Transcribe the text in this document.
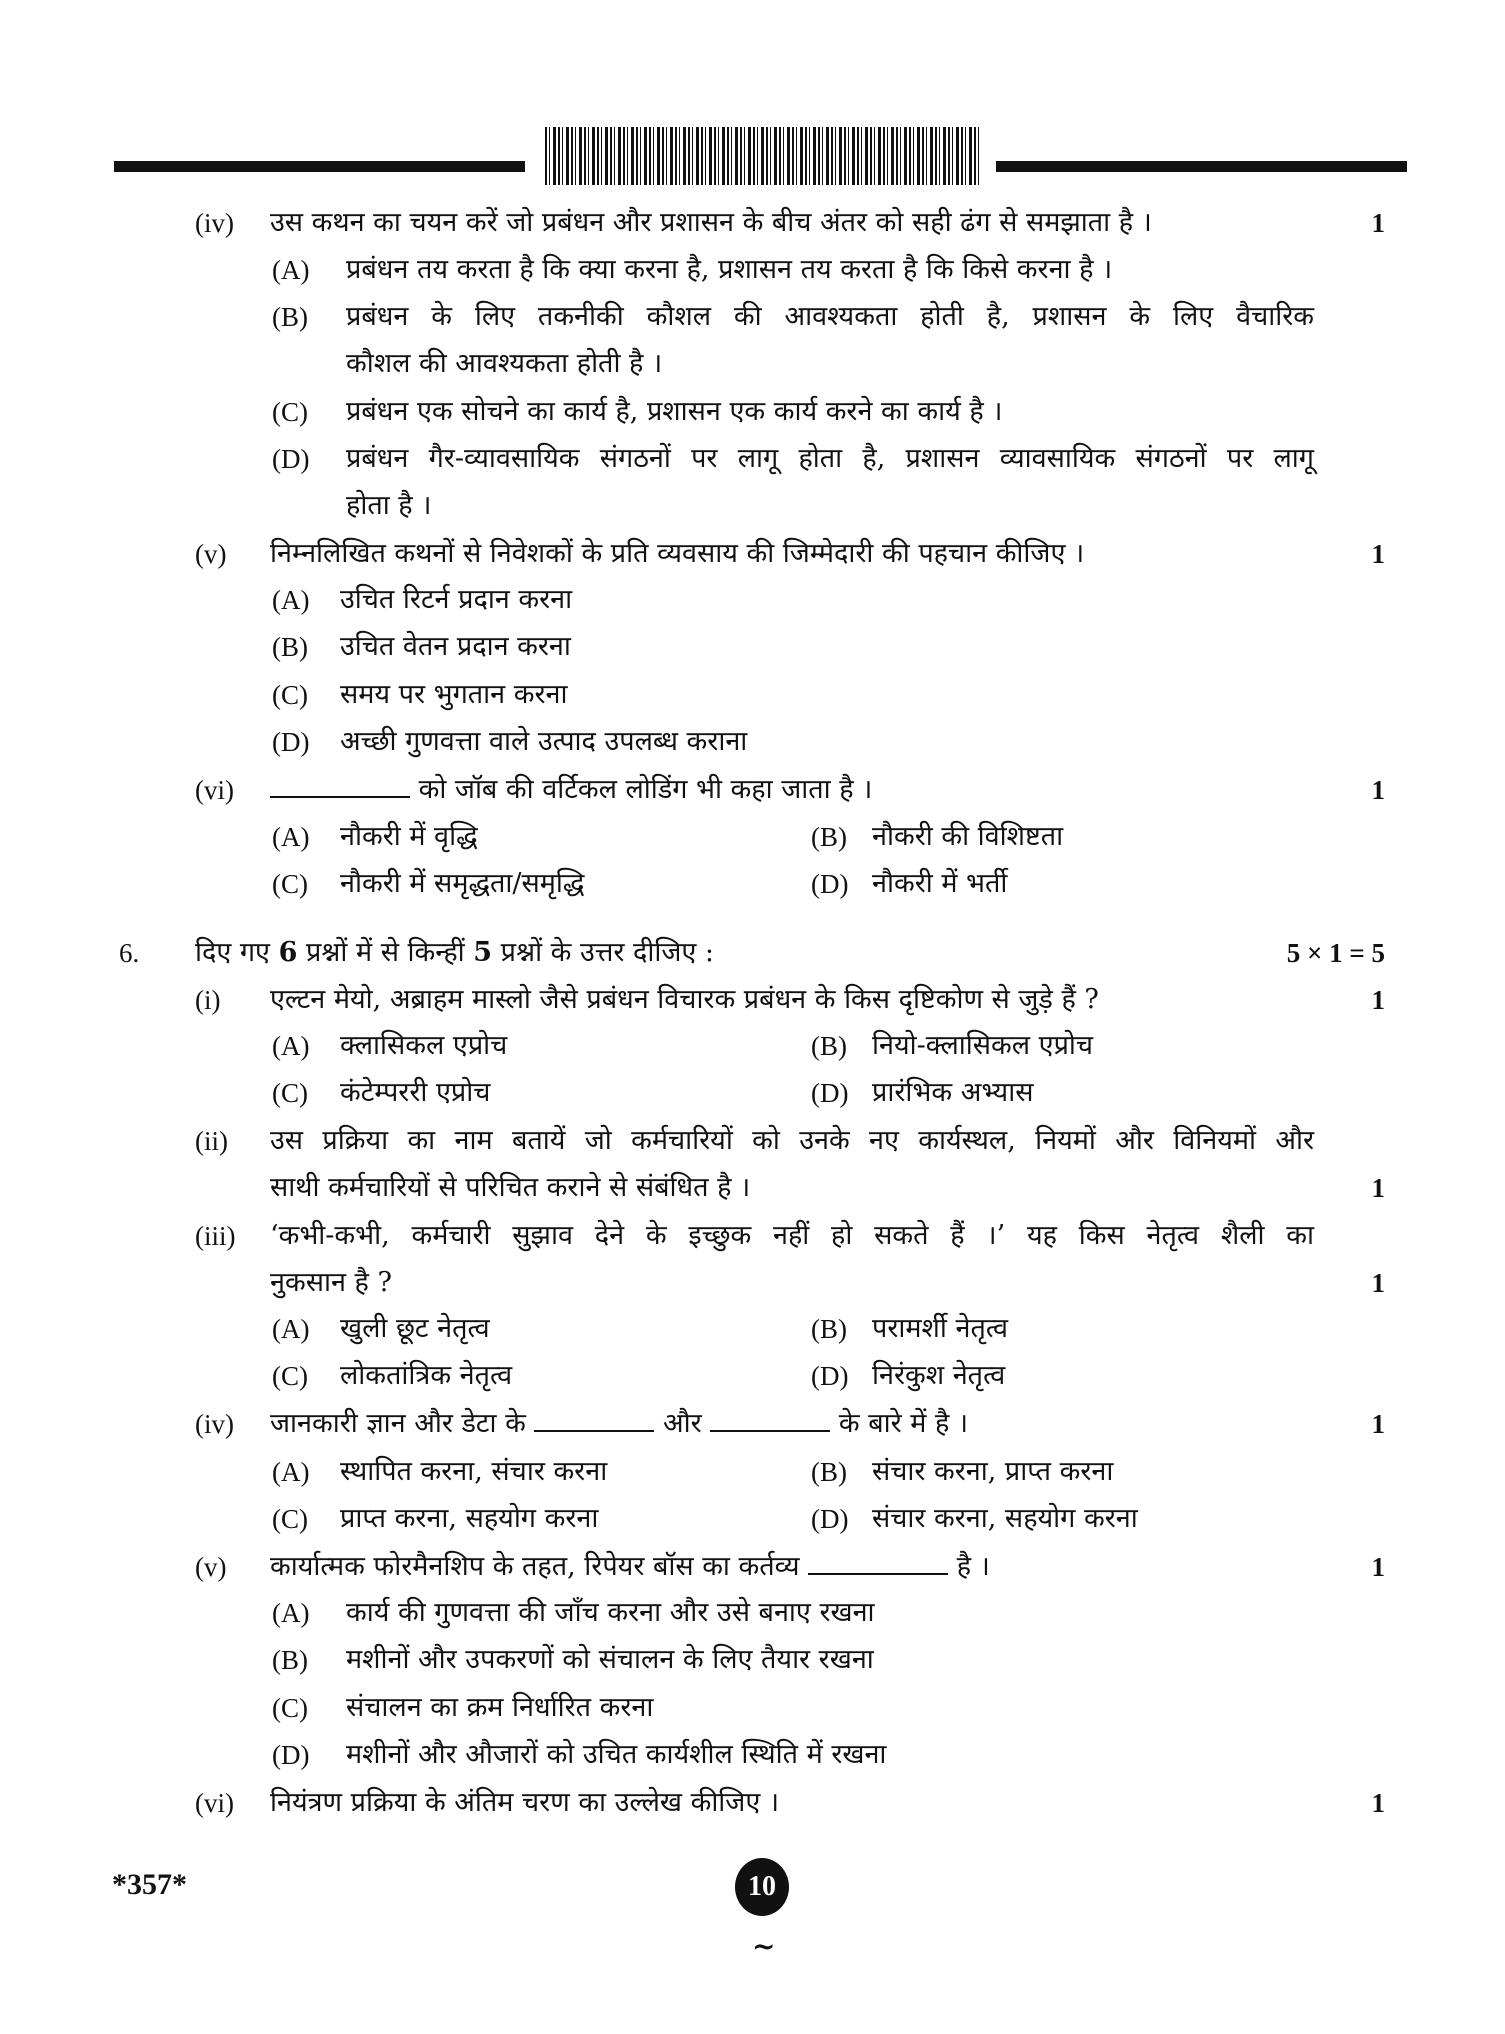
(iv) उस कथन का चयन करें जो प्रबंधन और प्रशासन के बीच अंतर को सही ढंग से समझाता है ।	1
(A) प्रबंधन तय करता है कि क्या करना है, प्रशासन तय करता है कि किसे करना है ।
(B) प्रबंधन के लिए तकनीकी कौशल की आवश्यकता होती है, प्रशासन के लिए वैचारिक
कौशल की आवश्यकता होती है ।
(C) प्रबंधन एक सोचने का कार्य है, प्रशासन एक कार्य करने का कार्य है ।
(D) प्रबंधन गैर-व्यावसायिक संगठनों पर लागू होता है, प्रशासन व्यावसायिक संगठनों पर लागू
होता है ।
(v) निम्नलिखित कथनों से निवेशकों के प्रति व्यवसाय की जिम्मेदारी की पहचान कीजिए ।	1
(A) उचित रिटर्न प्रदान करना
(B) उचित वेतन प्रदान करना
(C) समय पर भुगतान करना
(D) अच्छी गुणवत्ता वाले उत्पाद उपलब्ध कराना
(vi)	को जॉब की वर्टिकल लोडिंग भी कहा जाता है ।	1
(A) नौकरी में वृद्धि	(B) नौकरी की विशिष्टता
(C) नौकरी में समृद्धता/समृद्धि	(D) नौकरी में भर्ती
6. दिए गए 6 प्रश्नों में से किन्हीं 5 प्रश्नों के उत्तर दीजिए :	5 × 1 = 5
(i) एल्टन मेयो, अब्राहम मास्लो जैसे प्रबंधन विचारक प्रबंधन के किस दृष्टिकोण से जुड़े हैं ?	1
(A) क्लासिकल एप्रोच	(B) नियो-क्लासिकल एप्रोच
(C) कंटेम्पररी एप्रोच	(D) प्रारंभिक अभ्यास
(ii) उस प्रक्रिया का नाम बतायें जो कर्मचारियों को उनके नए कार्यस्थल, नियमों और विनियमों और
साथी कर्मचारियों से परिचित कराने से संबंधित है ।	1
(iii) ‘कभी-कभी, कर्मचारी सुझाव देने के इच्छुक नहीं हो सकते हैं ।’ यह किस नेतृत्व शैली का
नुकसान है ?	1
(A) खुली छूट नेतृत्व	(B) परामर्शी नेतृत्व
(C) लोकतांत्रिक नेतृत्व	(D) निरंकुश नेतृत्व
(iv) जानकारी ज्ञान और डेटा के	और	के बारे में है ।	1
(A) स्थापित करना, संचार करना	(B) संचार करना, प्राप्त करना
(C) प्राप्त करना, सहयोग करना	(D) संचार करना, सहयोग करना
(v) कार्यात्मक फोरमैनशिप के तहत, रिपेयर बॉस का कर्तव्य	है ।	1
(A) कार्य की गुणवत्ता की जाँच करना और उसे बनाए रखना
(B) मशीनों और उपकरणों को संचालन के लिए तैयार रखना
(C) संचालन का क्रम निर्धारित करना
(D) मशीनों और औजारों को उचित कार्यशील स्थिति में रखना
(vi) नियंत्रण प्रक्रिया के अंतिम चरण का उल्लेख कीजिए ।	1
*357*	10
~
